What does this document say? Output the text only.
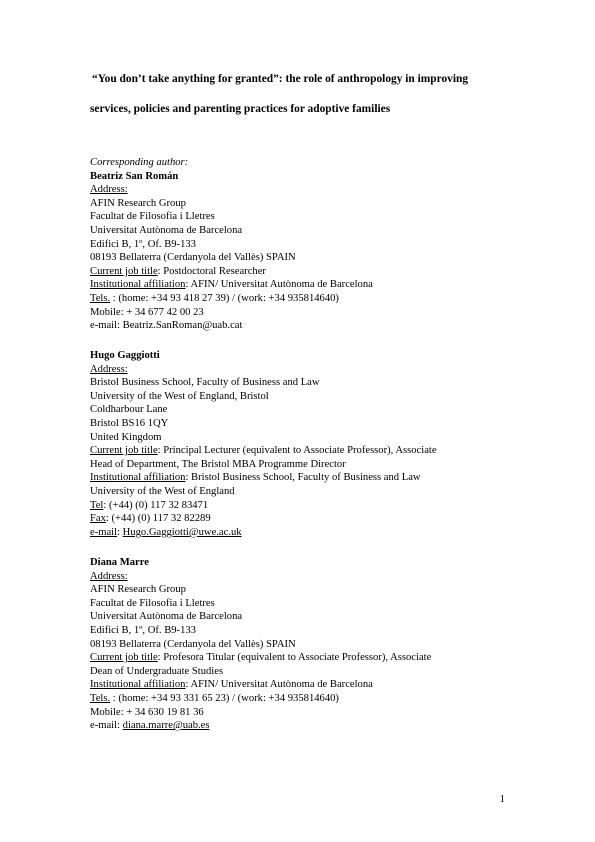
“You don’t take anything for granted”: the role of anthropology in improving
services, policies and parenting practices for adoptive families
Corresponding author:
Beatriz San Román
Address:
AFIN Research Group
Facultat de Filosofia i Lletres
Universitat Autònoma de Barcelona
Edifici B, 1º, Of. B9-133
08193 Bellaterra (Cerdanyola del Vallès) SPAIN
Current job title: Postdoctoral Researcher
Institutional affiliation: AFIN/ Universitat Autònoma de Barcelona
Tels. : (home: +34 93 418 27 39) / (work: +34 935814640)
Mobile: + 34 677 42 00 23
e-mail: Beatriz.SanRoman@uab.cat
Hugo Gaggiotti
Address:
Bristol Business School, Faculty of Business and Law
University of the West of England, Bristol
Coldharbour Lane
Bristol BS16 1QY
United Kingdom
Current job title: Principal Lecturer (equivalent to Associate Professor), Associate
Head of Department, The Bristol MBA Programme Director
Institutional affiliation: Bristol Business School, Faculty of Business and Law
University of the West of England
Tel: (+44) (0) 117 32 83471
Fax: (+44) (0) 117 32 82289
e-mail: Hugo.Gaggiotti@uwe.ac.uk
Diana Marre
Address:
AFIN Research Group
Facultat de Filosofia i Lletres
Universitat Autònoma de Barcelona
Edifici B, 1º, Of. B9-133
08193 Bellaterra (Cerdanyola del Vallès) SPAIN
Current job title: Profesora Titular (equivalent to Associate Professor), Associate
Dean of Undergraduate Studies
Institutional affiliation: AFIN/ Universitat Autònoma de Barcelona
Tels. : (home: +34 93 331 65 23) / (work: +34 935814640)
Mobile: + 34 630 19 81 36
e-mail: diana.marre@uab.es
1
